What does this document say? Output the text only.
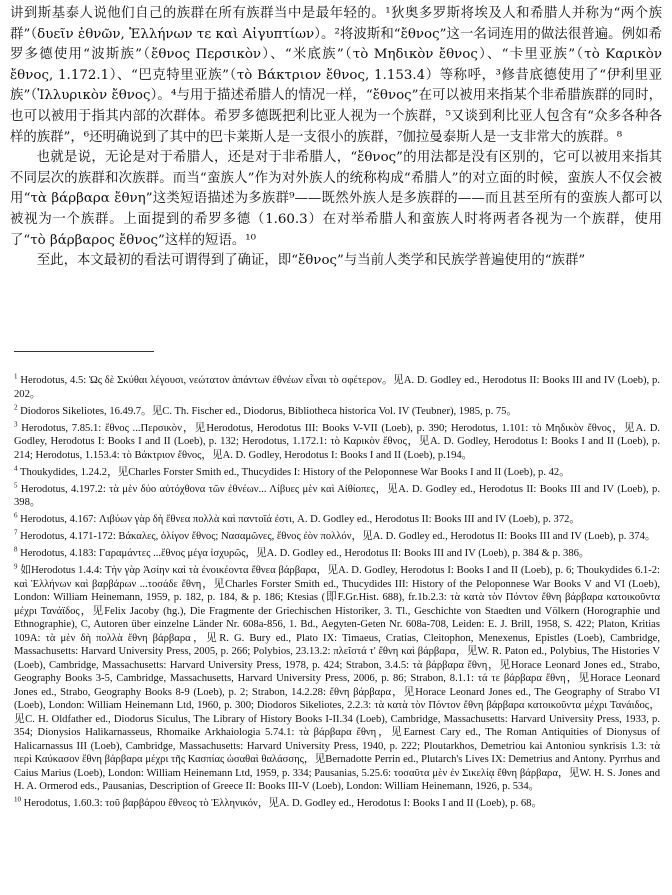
讲到斯基泰人说他们自己的族群在所有族群当中是最年轻的。¹狄奥多罗斯将埃及人和希腊人并称为“两个族群”（δυεῖν ἐθνῶν, Ἑλλήνων τε καὶ Αἰγυπτίων）。²将波斯和“ἔθνος”这一名词连用的做法很普遍。例如希罗多德使用“波斯族”（ἔθνος Περσικὸν）、“米底族”（τὸ Μηδικὸν ἔθνος）、“卡里亚族”（τὸ Καρικὸν ἔθνος, 1.172.1）、“巴克特里亚族”（τὸ Βάκτριον ἔθνος, 1.153.4）等称呼，³修昔底德使用了“伊利里亚族”（Ἰλλυρικὸν ἔθνος）。⁴与用于描述希腊人的情况一样，“ἔθνος”在可以被用来指某个非希腊族群的同时，也可以被用于指其内部的次群体。希罗多德既把利比亚人视为一个族群，⁵又谈到利比亚人包含有“众多各种各样的族群”，⁶还明确说到了其中的巴卡莱斯人是一支很小的族群，⁷伽拉曼泰斯人是一支非常大的族群。⁸

也就是说，无论是对于希腊人，还是对于非希腊人，“ἔθνος”的用法都是没有区别的，它可以被用来指其不同层次的族群和次族群。而当“蛮族人”作为对外族人的统称构成“希腊人”的对立面的时候，蛮族人不仅会被用“τὰ βάρβαρα ἔθνη”这类短语描述为多族群⁹——既然外族人是多族群的——而且甚至所有的蛮族人都可以被视为一个族群。上面提到的希罗多德（1.60.3）在对举希腊人和蛮族人时将两者各视为一个族群，使用了“τὸ βάρβαρος ἔθνος”这样的短语。¹⁰

至此，本文最初的看法可谓得到了确证，即“ἔθνος”与当前人类学和民族学普遍使用的“族群”

$^1$ Herodotus, 4.5: Ὡς δὲ Σκύθαι λέγουσι, νεώτατον ἁπάντων ἐθνέων εἶναι τὸ σφέτερον。见A. D. Godley ed., Herodotus II: Books III and IV (Loeb), p. 202。

$^2$ Diodoros Sikeliotes, 16.49.7。见C. Th. Fischer ed., Diodorus, Bibliotheca historica Vol. IV (Teubner), 1985, p. 75。

$^3$ Herodotus, 7.85.1: ἔθνος ...Περσικὸν，见Herodotus, Herodotus III: Books V-VII (Loeb), p. 390; Herodotus, 1.101: τὸ Μηδικὸν ἔθνος，见A. D. Godley, Herodotus I: Books I and II (Loeb), p. 132; Herodotus, 1.172.1: τὸ Καρικὸν ἔθνος，见A. D. Godley, Herodotus I: Books I and II (Loeb), p. 214; Herodotus, 1.153.4: τὸ Βάκτριον ἔθνος，见A. D. Godley, Herodotus I: Books I and II (Loeb), p.194。

$^4$ Thoukydides, 1.24.2，见Charles Forster Smith ed., Thucydides I: History of the Peloponnese War Books I and II (Loeb), p. 42。

$^5$ Herodotus, 4.197.2: τὰ μὲν δύο αὐτόχθονα τῶν ἐθνέων... Λίβυες μὲν καὶ Αἰθίοπες，见A. D. Godley ed., Herodotus II: Books III and IV (Loeb), p. 398。

$^6$ Herodotus, 4.167: Λιβύων γὰρ δὴ ἔθνεα πολλὰ καὶ παντοῖά ἐστι, A. D. Godley ed., Herodotus II: Books III and IV (Loeb), p. 372。

$^7$ Herodotus, 4.171-172: Βάκαλες, ὀλίγον ἔθνος; Νασαμῶνες, ἔθνος ἐὸν πολλόν，见A. D. Godley ed., Herodotus II: Books III and IV (Loeb), p. 374。

$^8$ Herodotus, 4.183: Γαραμάντες ...ἔθνος μέγα ἰσχυρῶς，见A. D. Godley ed., Herodotus II: Books III and IV (Loeb), p. 384 & p. 386。

$^9$ 如Herodotus 1.4.4: Τὴν γὰρ Ἀσίην καὶ τὰ ἐνοικέοντα ἔθνεα βάρβαρα，见A. D. Godley, Herodotus I: Books I and II (Loeb), p. 6; Thoukydides 6.1-2: καὶ Ἑλλήνων καὶ βαρβάρων ...τοσάδε ἔθνη，见Charles Forster Smith ed., Thucydides III: History of the Peloponnese War Books V and VI (Loeb), London: William Heinemann, 1959, p. 182, p. 184, & p. 186; Ktesias (即F.Gr.Hist. 688), fr.1b.2.3: τὰ κατὰ τὸν Πόντον ἔθνη βάρβαρα κατοικοῦντα μέχρι Τανάϊδος，见Felix Jacoby (hg.), Die Fragmente der Griechischen Historiker, 3. Tl., Geschichte von Staedten und Völkern (Horographie und Ethnographie), C, Autoren über einzelne Länder Nr. 608a-856, 1. Bd., Aegyten-Geten Nr. 608a-708, Leiden: E. J. Brill, 1958, S. 422; Platon, Kritias 109A: τὰ μὲν δὴ πολλὰ ἔθνη βάρβαρα，见R. G. Bury ed., Plato IX: Timaeus, Cratias, Cleitophon, Menexenus, Epistles (Loeb), Cambridge, Massachusetts: Harvard University Press, 2005, p. 266; Polybios, 23.13.2: πλεῖστά τ' ἔθνη καὶ βάρβαρα，见W. R. Paton ed., Polybius, The Histories V (Loeb), Cambridge, Massachusetts: Harvard University Press, 1978, p. 424; Strabon, 3.4.5: τὰ βάρβαρα ἔθνη，见Horace Leonard Jones ed., Strabo, Geography Books 3-5, Cambridge, Massachusetts, Harvard University Press, 2006, p. 86; Strabon, 8.1.1: τά τε βάρβαρα ἔθνη，见Horace Leonard Jones ed., Strabo, Geography Books 8-9 (Loeb), p. 2; Strabon, 14.2.28: ἔθνη βάρβαρα，见Horace Leonard Jones ed., The Geography of Strabo VI (Loeb), London: William Heinemann Ltd, 1960, p. 300; Diodoros Sikeliotes, 2.2.3: τὰ κατὰ τὸν Πόντον ἔθνη βάρβαρα κατοικοῦντα μέχρι Τανάιδος，见C. H. Oldfather ed., Diodorus Siculus, The Library of History Books I-II.34 (Loeb), Cambridge, Massachusetts: Harvard University Press, 1933, p. 354; Dionysios Halikarnasseus, Rhomaike Arkhaiologia 5.74.1: τὰ βάρβαρα ἔθνη，见Earnest Cary ed., The Roman Antiquities of Dionysus of Halicarnassus III (Loeb), Cambridge, Massachusetts: Harvard University Press, 1940, p. 222; Ploutarkhos, Demetriou kai Antoniou synkrisis 1.3: τὰ περὶ Καύκασον ἔθνη βάρβαρα μέχρι τῆς Κασπίας ὡσαθαὶ θαλάσσης，见Bernadotte Perrin ed., Plutarch's Lives IX: Demetrius and Antony. Pyrrhus and Caius Marius (Loeb), London: William Heinemann Ltd, 1959, p. 334; Pausanias, 5.25.6: τοσαῦτα μὲν ἐν Σικελίᾳ ἔθνη βάρβαρα，见W. H. S. Jones and H. A. Ormerod eds., Pausanias, Description of Greece II: Books III-V (Loeb), London: William Heinemann, 1926, p. 534。

$^{10}$ Herodotus, 1.60.3: τοῦ βαρβάρου ἔθνεος τὸ Ἑλληνικόν，见A. D. Godley ed., Herodotus I: Books I and II (Loeb), p. 68。
